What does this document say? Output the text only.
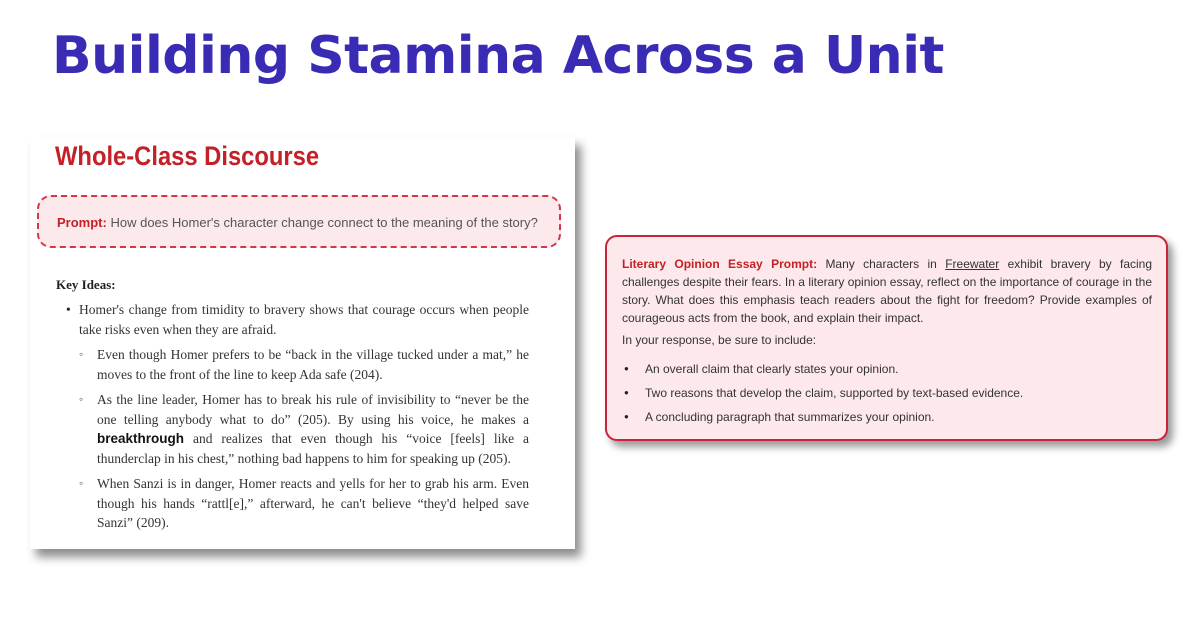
Building Stamina Across a Unit
Whole-Class Discourse
Prompt: How does Homer's character change connect to the meaning of the story?
Key Ideas:

• Homer's change from timidity to bravery shows that courage occurs when people take risks even when they are afraid.

◦ Even though Homer prefers to be “back in the village tucked under a mat,” he moves to the front of the line to keep Ada safe (204).

◦ As the line leader, Homer has to break his rule of invisibility to “never be the one telling anybody what to do” (205). By using his voice, he makes a breakthrough and realizes that even though his “voice [feels] like a thunderclap in his chest,” nothing bad happens to him for speaking up (205).

◦ When Sanzi is in danger, Homer reacts and yells for her to grab his arm. Even though his hands “rattl[e],” afterward, he can't believe “they'd helped save Sanzi” (209).

Literary Opinion Essay Prompt: Many characters in Freewater exhibit bravery by facing challenges despite their fears. In a literary opinion essay, reflect on the importance of courage in the story. What does this emphasis teach readers about the fight for freedom? Provide examples of courageous acts from the book, and explain their impact.

In your response, be sure to include:

● An overall claim that clearly states your opinion.
● Two reasons that develop the claim, supported by text-based evidence.
● A concluding paragraph that summarizes your opinion.
